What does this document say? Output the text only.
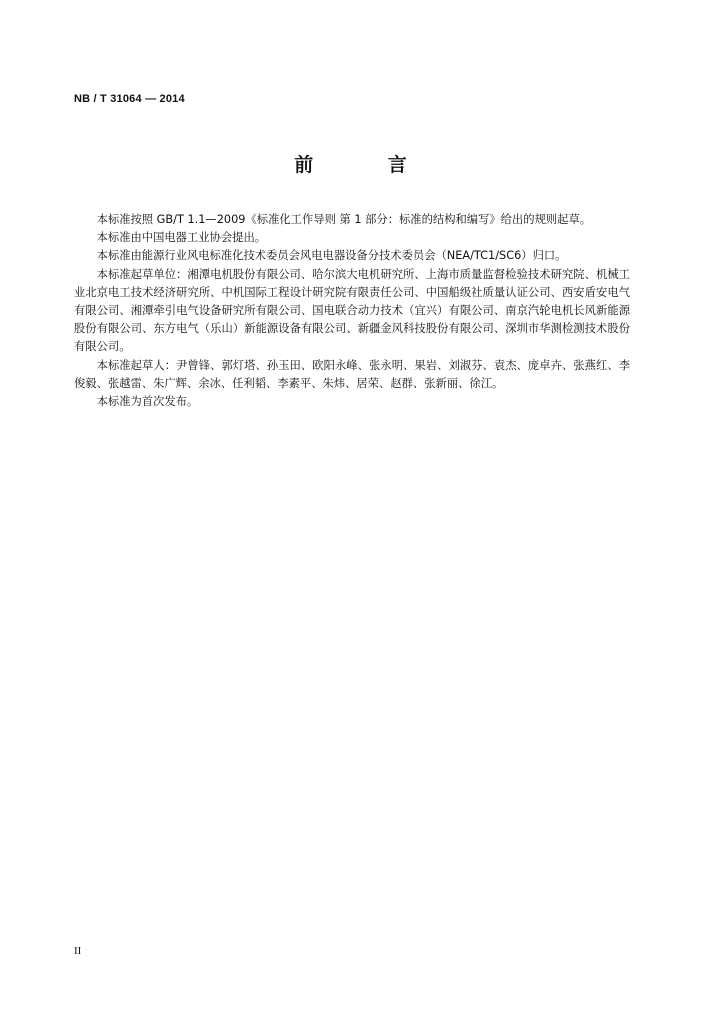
NB / T 31064 — 2014
前 言

本标准按照 GB/T 1.1—2009《标准化工作导则 第 1 部分：标准的结构和编写》给出的规则起草。

本标准由中国电器工业协会提出。

本标准由能源行业风电标准化技术委员会风电电器设备分技术委员会（NEA/TC1/SC6）归口。

本标准起草单位：湘潭电机股份有限公司、哈尔滨大电机研究所、上海市质量监督检验技术研究院、机械工业北京电工技术经济研究所、中机国际工程设计研究院有限责任公司、中国船级社质量认证公司、西安盾安电气有限公司、湘潭牵引电气设备研究所有限公司、国电联合动力技术（宜兴）有限公司、南京汽轮电机长风新能源股份有限公司、东方电气（乐山）新能源设备有限公司、新疆金风科技股份有限公司、深圳市华测检测技术股份有限公司。

本标准起草人：尹曾锋、郭灯塔、孙玉田、欧阳永峰、张永明、果岩、刘淑芬、袁杰、庞卓卉、张燕红、李俊毅、张越雷、朱广辉、余冰、任利韬、李素平、朱炜、居荣、赵群、张新丽、徐江。

本标准为首次发布。

II
